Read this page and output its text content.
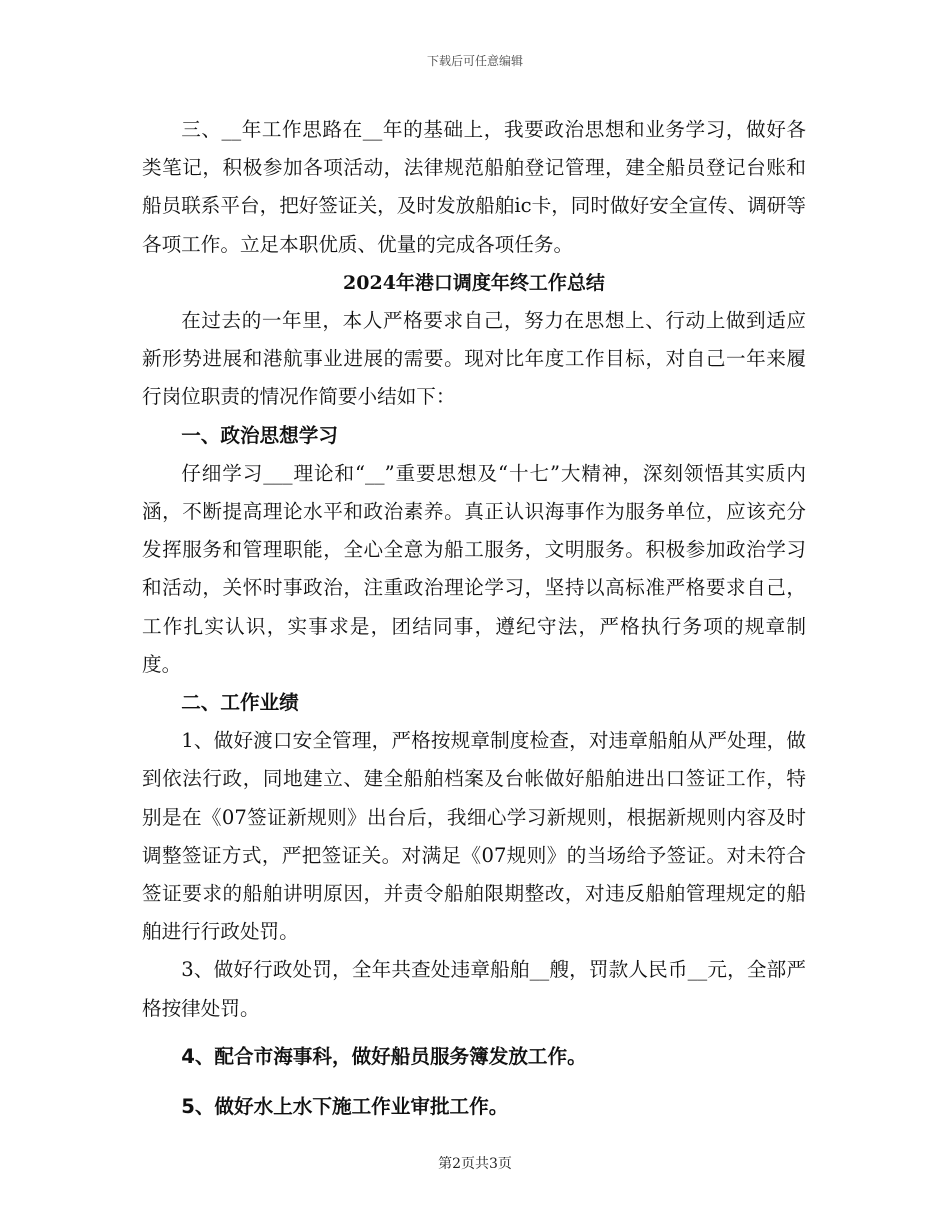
下载后可任意编辑

三、__年工作思路在__年的基础上，我要政治思想和业务学习，做好各类笔记，积极参加各项活动，法律规范船舶登记管理，建全船员登记台账和船员联系平台，把好签证关，及时发放船舶ic卡，同时做好安全宣传、调研等各项工作。立足本职优质、优量的完成各项任务。

2024年港口调度年终工作总结

在过去的一年里，本人严格要求自己，努力在思想上、行动上做到适应新形势进展和港航事业进展的需要。现对比年度工作目标，对自己一年来履行岗位职责的情况作简要小结如下：

一、政治思想学习

仔细学习___理论和“__”重要思想及“十七”大精神，深刻领悟其实质内涵，不断提高理论水平和政治素养。真正认识海事作为服务单位，应该充分发挥服务和管理职能，全心全意为船工服务，文明服务。积极参加政治学习和活动，关怀时事政治，注重政治理论学习，坚持以高标准严格要求自己，工作扎实认识，实事求是，团结同事，遵纪守法，严格执行务项的规章制度。

二、工作业绩

1、做好渡口安全管理，严格按规章制度检查，对违章船舶从严处理，做到依法行政，同地建立、建全船舶档案及台帐做好船舶进出口签证工作，特别是在《07签证新规则》出台后，我细心学习新规则，根据新规则内容及时调整签证方式，严把签证关。对满足《07规则》的当场给予签证。对未符合签证要求的船舶讲明原因，并责令船舶限期整改，对违反船舶管理规定的船舶进行行政处罚。

3、做好行政处罚，全年共查处违章船舶__艘，罚款人民币__元，全部严格按律处罚。

4、配合市海事科，做好船员服务簿发放工作。

5、做好水上水下施工作业审批工作。

第2页共3页
